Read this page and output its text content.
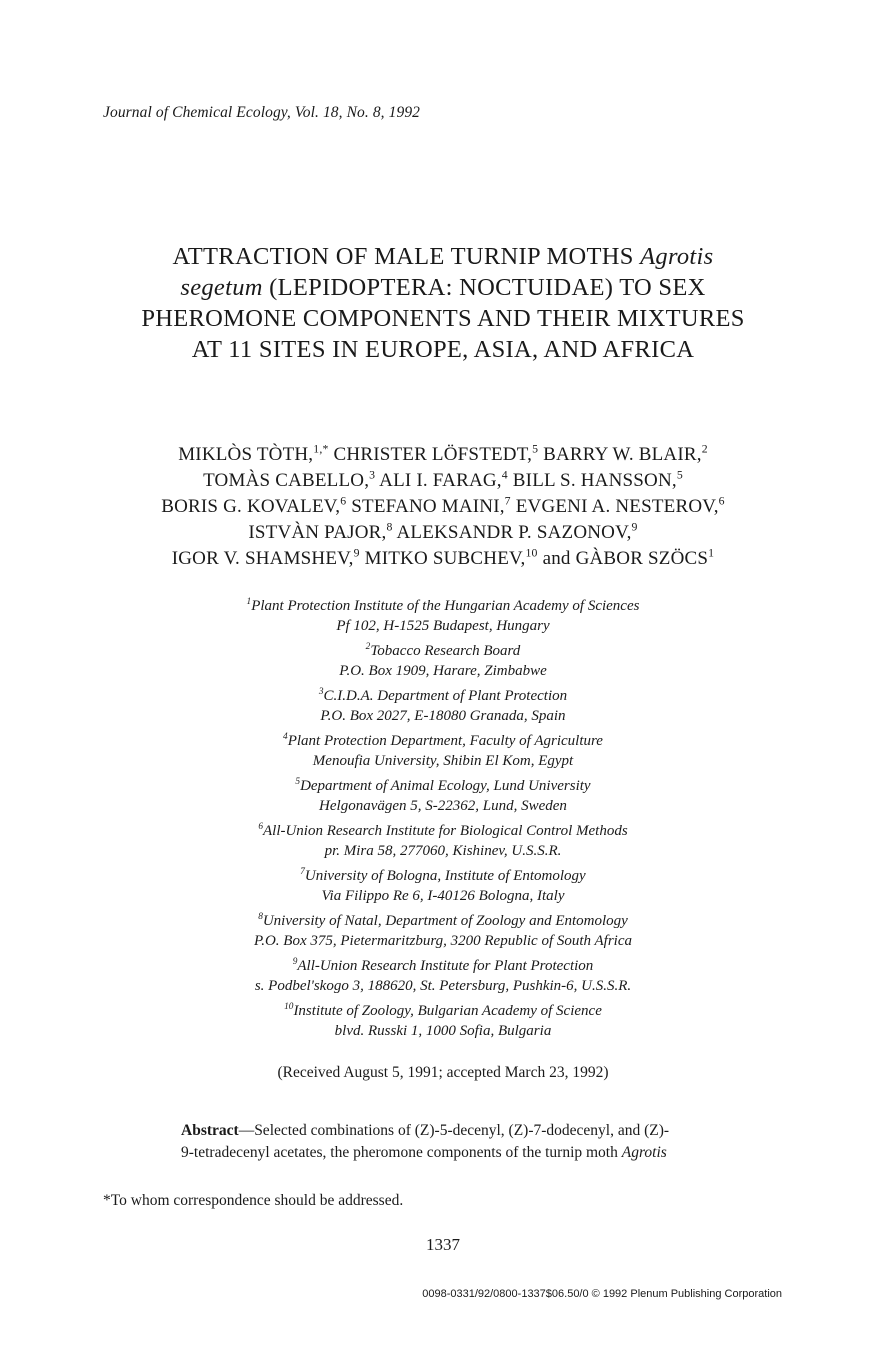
Journal of Chemical Ecology, Vol. 18, No. 8, 1992
ATTRACTION OF MALE TURNIP MOTHS Agrotis
segetum (LEPIDOPTERA: NOCTUIDAE) TO SEX
PHEROMONE COMPONENTS AND THEIR MIXTURES
AT 11 SITES IN EUROPE, ASIA, AND AFRICA
MIKLÒS TÒTH,$^{1,*}$ CHRISTER LÖFSTEDT,$^5$ BARRY W. BLAIR,$^2$
TOMÀS CABELLO,$^3$ ALI I. FARAG,$^4$ BILL S. HANSSON,$^5$
BORIS G. KOVALEV,$^6$ STEFANO MAINI,$^7$ EVGENI A. NESTEROV,$^6$
ISTVÀN PAJOR,$^8$ ALEKSANDR P. SAZONOV,$^9$
IGOR V. SHAMSHEV,$^9$ MITKO SUBCHEV,$^{10}$ and GÀBOR SZÖCS$^1$
$^1$Plant Protection Institute of the Hungarian Academy of Sciences
Pf 102, H-1525 Budapest, Hungary
$^2$Tobacco Research Board
P.O. Box 1909, Harare, Zimbabwe
$^3$C.I.D.A. Department of Plant Protection
P.O. Box 2027, E-18080 Granada, Spain
$^4$Plant Protection Department, Faculty of Agriculture
Menoufia University, Shibin El Kom, Egypt
$^5$Department of Animal Ecology, Lund University
Helgonavägen 5, S-22362, Lund, Sweden
$^6$All-Union Research Institute for Biological Control Methods
pr. Mira 58, 277060, Kishinev, U.S.S.R.
$^7$University of Bologna, Institute of Entomology
Via Filippo Re 6, I-40126 Bologna, Italy
$^8$University of Natal, Department of Zoology and Entomology
P.O. Box 375, Pietermaritzburg, 3200 Republic of South Africa
$^9$All-Union Research Institute for Plant Protection
s. Podbel'skogo 3, 188620, St. Petersburg, Pushkin-6, U.S.S.R.
$^{10}$Institute of Zoology, Bulgarian Academy of Science
blvd. Russki 1, 1000 Sofia, Bulgaria
(Received August 5, 1991; accepted March 23, 1992)
Abstract—Selected combinations of (Z)-5-decenyl, (Z)-7-dodecenyl, and (Z)-
9-tetradecenyl acetates, the pheromone components of the turnip moth Agrotis
*To whom correspondence should be addressed.
1337
0098-0331/92/0800-1337$06.50/0 © 1992 Plenum Publishing Corporation
